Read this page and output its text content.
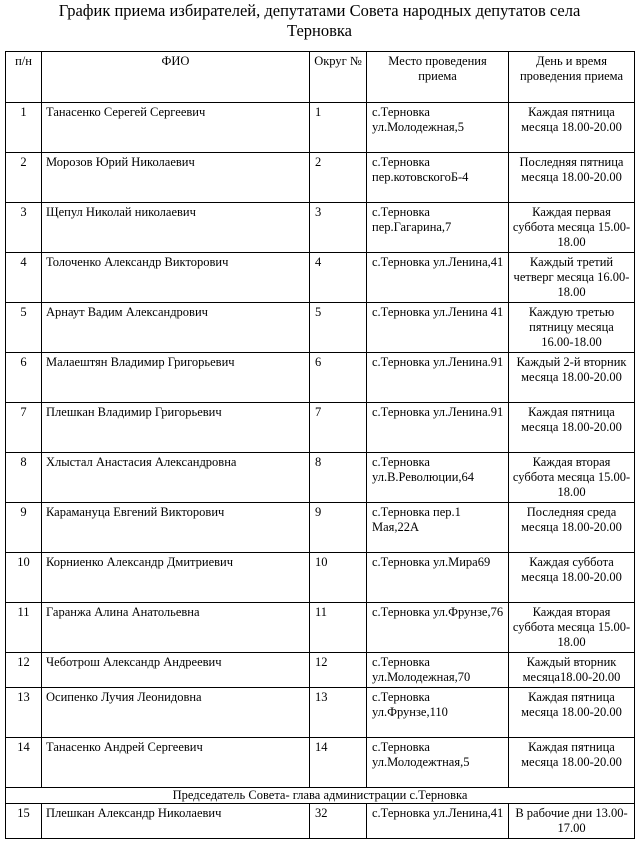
График приема избирателей, депутатами Совета народных депутатов села
Терновка
п/н	ФИО	Округ №	Место проведения приема	День и время проведения приема
1	Танасенко Серегей Сергеевич	1	с.Терновка ул.Молодежная,5	Каждая пятница месяца 18.00-20.00
2	Морозов Юрий Николаевич	2	с.Терновка пер.котовскогоБ-4	Последняя пятница месяца 18.00-20.00
3	Щепул Николай николаевич	3	с.Терновка пер.Гагарина,7	Каждая первая суббота месяца 15.00-18.00
4	Толоченко Александр Викторович	4	с.Терновка ул.Ленина,41	Каждый третий четверг месяца 16.00-18.00
5	Арнаут Вадим Александрович	5	с.Терновка ул.Ленина 41	Каждую третью пятницу месяца 16.00-18.00
6	Малаештян Владимир Григорьевич	6	с.Терновка ул.Ленина.91	Каждый 2-й вторник месяца 18.00-20.00
7	Плешкан Владимир Григорьевич	7	с.Терновка ул.Ленина.91	Каждая пятница месяца 18.00-20.00
8	Хлыстал Анастасия Александровна	8	с.Терновка ул.В.Революции,64	Каждая вторая суббота месяца 15.00-18.00
9	Карамануца Евгений Викторович	9	с.Терновка пер.1 Мая,22А	Последняя среда месяца 18.00-20.00
10	Корниенко Александр Дмитриевич	10	с.Терновка ул.Мира69	Каждая суббота месяца 18.00-20.00
11	Гаранжа Алина Анатольевна	11	с.Терновка ул.Фрунзе,76	Каждая вторая суббота месяца 15.00-18.00
12	Чеботрош Александр Андреевич	12	с.Терновка ул.Молодежная,70	Каждый вторник месяца18.00-20.00
13	Осипенко Лучия Леонидовна	13	с.Терновка ул.Фрунзе,110	Каждая пятница месяца 18.00-20.00
14	Танасенко Андрей Сергеевич	14	с.Терновка ул.Молодежтная,5	Каждая пятница месяца 18.00-20.00
Председатель Совета- глава администрации с.Терновка				
15	Плешкан Александр Николаевич	32	с.Терновка ул.Ленина,41	В рабочие дни 13.00-17.00
